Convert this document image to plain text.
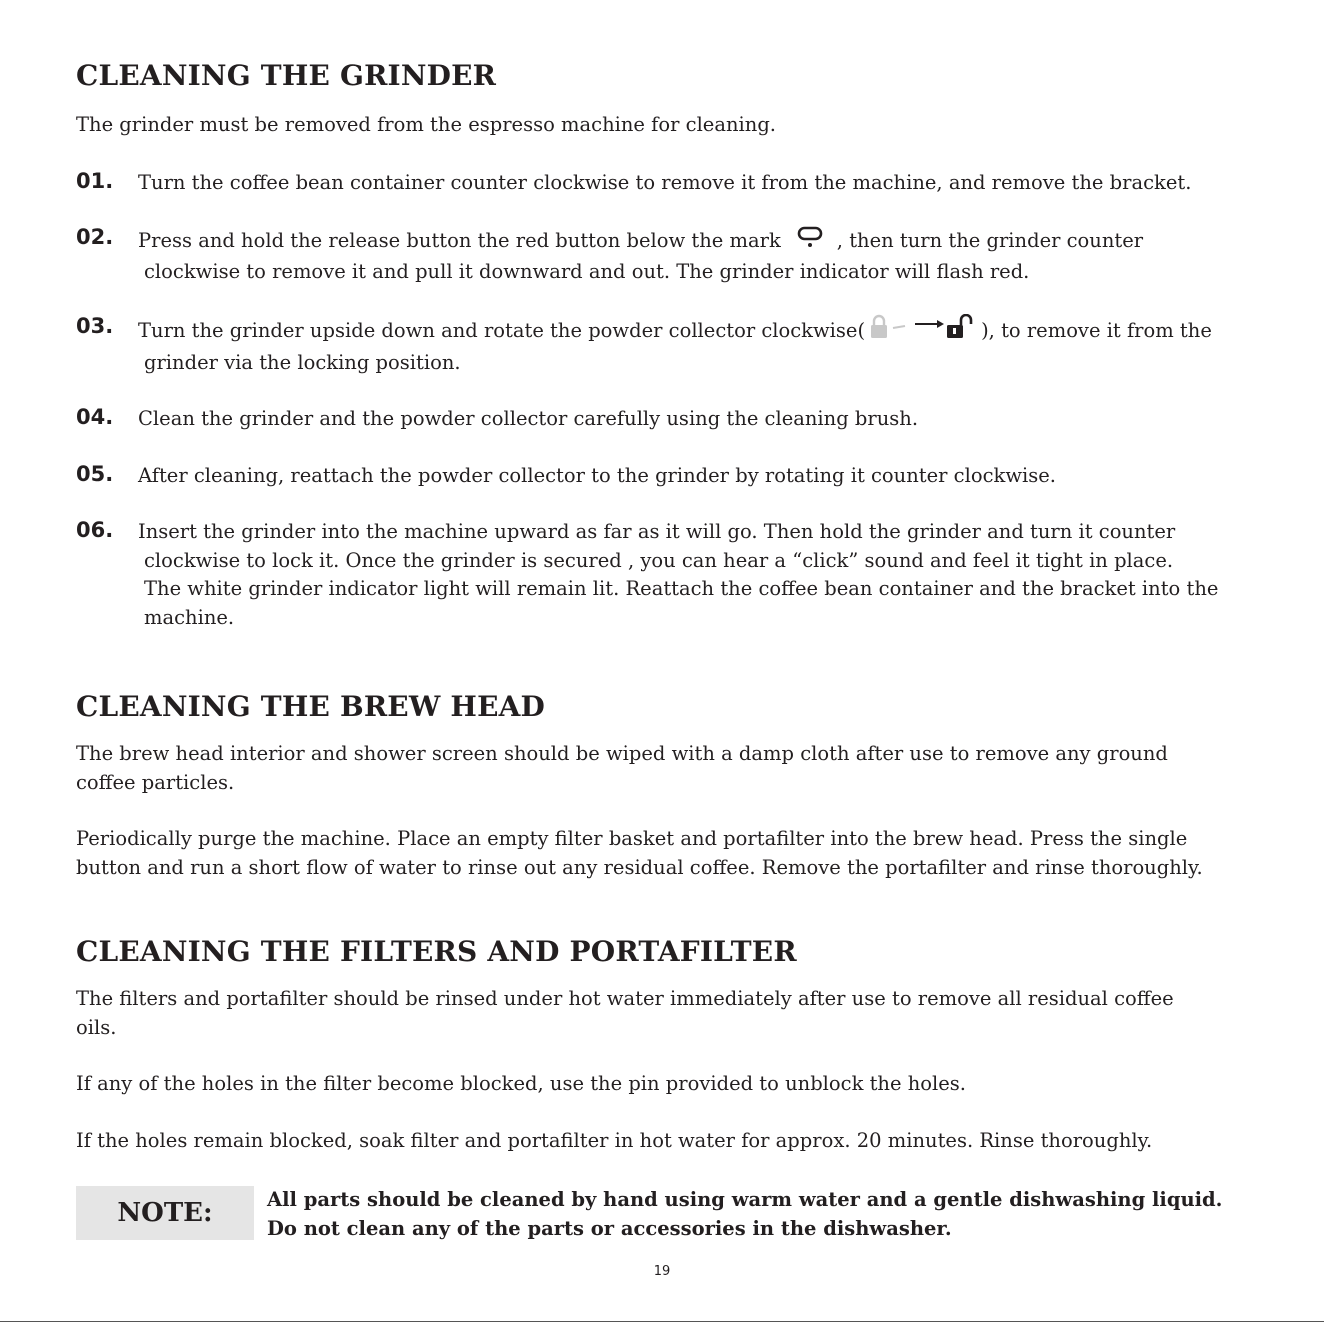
CLEANING THE GRINDER

The grinder must be removed from the espresso machine for cleaning.

01. Turn the coffee bean container counter clockwise to remove it from the machine, and remove the bracket.
02. Press and hold the release button the red button below the mark	, then turn the grinder counter
clockwise to remove it and pull it downward and out. The grinder indicator will flash red.
03. Turn the grinder upside down and rotate the powder collector clockwise(	), to remove it from the
grinder via the locking position.
04. Clean the grinder and the powder collector carefully using the cleaning brush.
05. After cleaning, reattach the powder collector to the grinder by rotating it counter clockwise.
06. Insert the grinder into the machine upward as far as it will go. Then hold the grinder and turn it counter
clockwise to lock it. Once the grinder is secured , you can hear a “click” sound and feel it tight in place.
The white grinder indicator light will remain lit. Reattach the coffee bean container and the bracket into the
machine.
CLEANING THE BREW HEAD

The brew head interior and shower screen should be wiped with a damp cloth after use to remove any ground
coffee particles.

Periodically purge the machine. Place an empty filter basket and portafilter into the brew head. Press the single
button and run a short flow of water to rinse out any residual coffee. Remove the portafilter and rinse thoroughly.

CLEANING THE FILTERS AND PORTAFILTER

The filters and portafilter should be rinsed under hot water immediately after use to remove all residual coffee
oils.

If any of the holes in the filter become blocked, use the pin provided to unblock the holes.

If the holes remain blocked, soak filter and portafilter in hot water for approx. 20 minutes. Rinse thoroughly.

NOTE:	All parts should be cleaned by hand using warm water and a gentle dishwashing liquid.
Do not clean any of the parts or accessories in the dishwasher.
19
